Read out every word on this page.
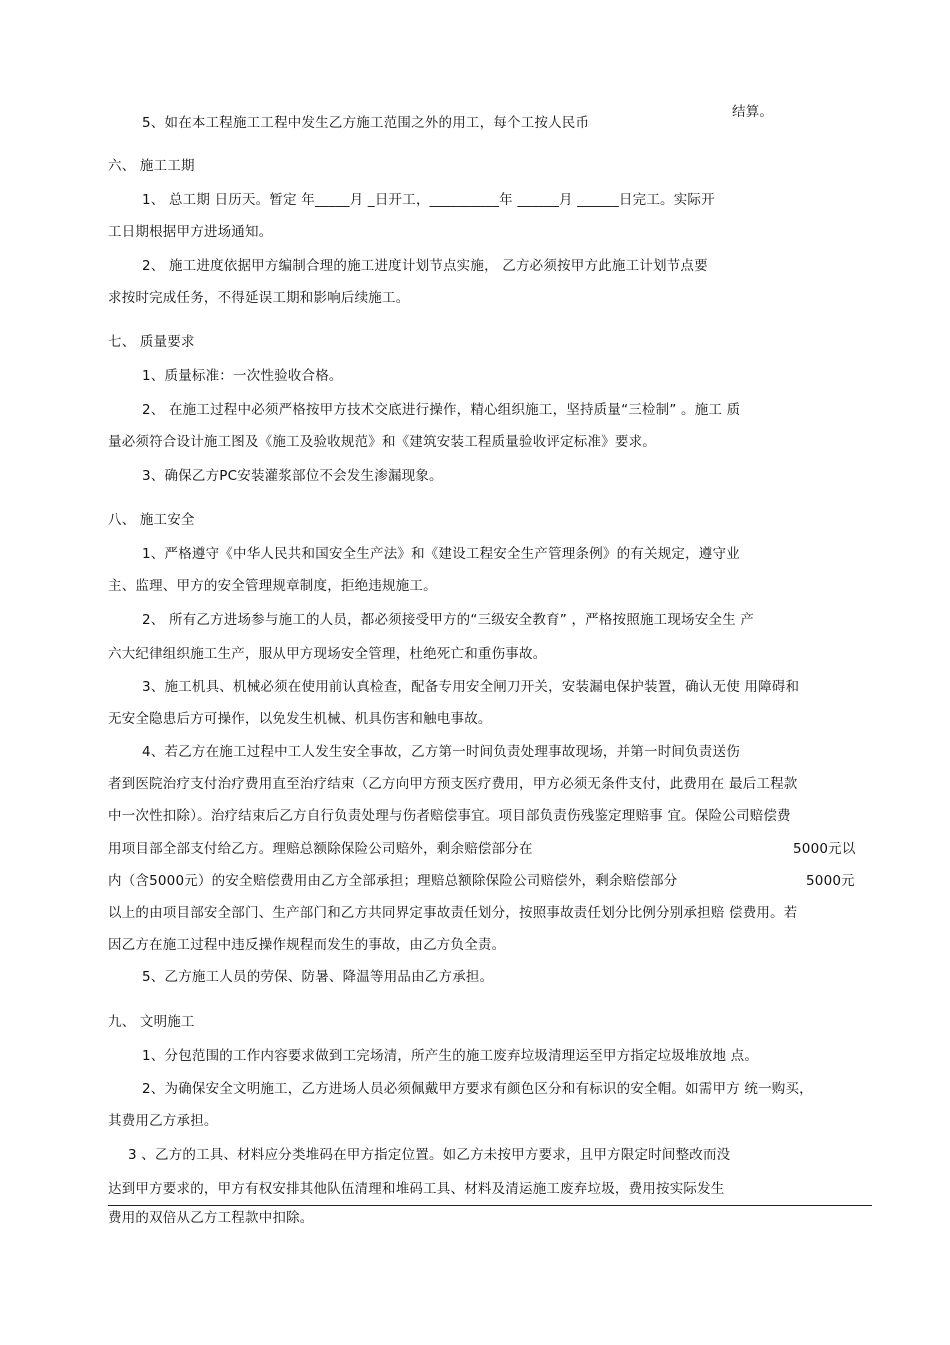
结算。
5、如在本工程施工工程中发生乙方施工范围之外的用工，每个工按人民币
六、 施工工期
1、 总工期 日历天。暂定 年_____月 _日开工，__________年 ______月 ______日完工。实际开
工日期根据甲方进场通知。
2、 施工进度依据甲方编制合理的施工进度计划节点实施， 乙方必须按甲方此施工计划节点要
求按时完成任务，不得延误工期和影响后续施工。
七、 质量要求
1、质量标准：一次性验收合格。
2、 在施工过程中必须严格按甲方技术交底进行操作，精心组织施工，坚持质量“三检制” 。施工 质
量必须符合设计施工图及《施工及验收规范》和《建筑安装工程质量验收评定标准》要求。
3、确保乙方PC安装灌浆部位不会发生渗漏现象。
八、 施工安全
1、严格遵守《中华人民共和国安全生产法》和《建设工程安全生产管理条例》的有关规定，遵守业
主、监理、甲方的安全管理规章制度，拒绝违规施工。
2、 所有乙方进场参与施工的人员，都必须接受甲方的“三级安全教育” ，严格按照施工现场安全生 产
六大纪律组织施工生产，服从甲方现场安全管理，杜绝死亡和重伤事故。
3、施工机具、机械必须在使用前认真检查，配备专用安全闸刀开关，安装漏电保护装置，确认无使 用障碍和
无安全隐患后方可操作，以免发生机械、机具伤害和触电事故。
4、若乙方在施工过程中工人发生安全事故，乙方第一时间负责处理事故现场，并第一时间负责送伤
者到医院治疗支付治疗费用直至治疗结束（乙方向甲方预支医疗费用，甲方必须无条件支付，此费用在 最后工程款
中一次性扣除）。治疗结束后乙方自行负责处理与伤者赔偿事宜。项目部负责伤残鉴定理赔事 宜。保险公司赔偿费
用项目部全部支付给乙方。理赔总额除保险公司赔外，剩余赔偿部分在	5000元以
内（含5000元）的安全赔偿费用由乙方全部承担；理赔总额除保险公司赔偿外，剩余赔偿部分	5000元
以上的由项目部安全部门、生产部门和乙方共同界定事故责任划分，按照事故责任划分比例分别承担赔 偿费用。若
因乙方在施工过程中违反操作规程而发生的事故，由乙方负全责。
5、乙方施工人员的劳保、防暑、降温等用品由乙方承担。
九、 文明施工
1、分包范围的工作内容要求做到工完场清，所产生的施工废弃垃圾清理运至甲方指定垃圾堆放地 点。
2、为确保安全文明施工，乙方进场人员必须佩戴甲方要求有颜色区分和有标识的安全帽。如需甲方 统一购买，
其费用乙方承担。
3 、乙方的工具、材料应分类堆码在甲方指定位置。如乙方未按甲方要求，且甲方限定时间整改而没
达到甲方要求的，甲方有权安排其他队伍清理和堆码工具、材料及清运施工废弃垃圾，费用按实际发生
费用的双倍从乙方工程款中扣除。
